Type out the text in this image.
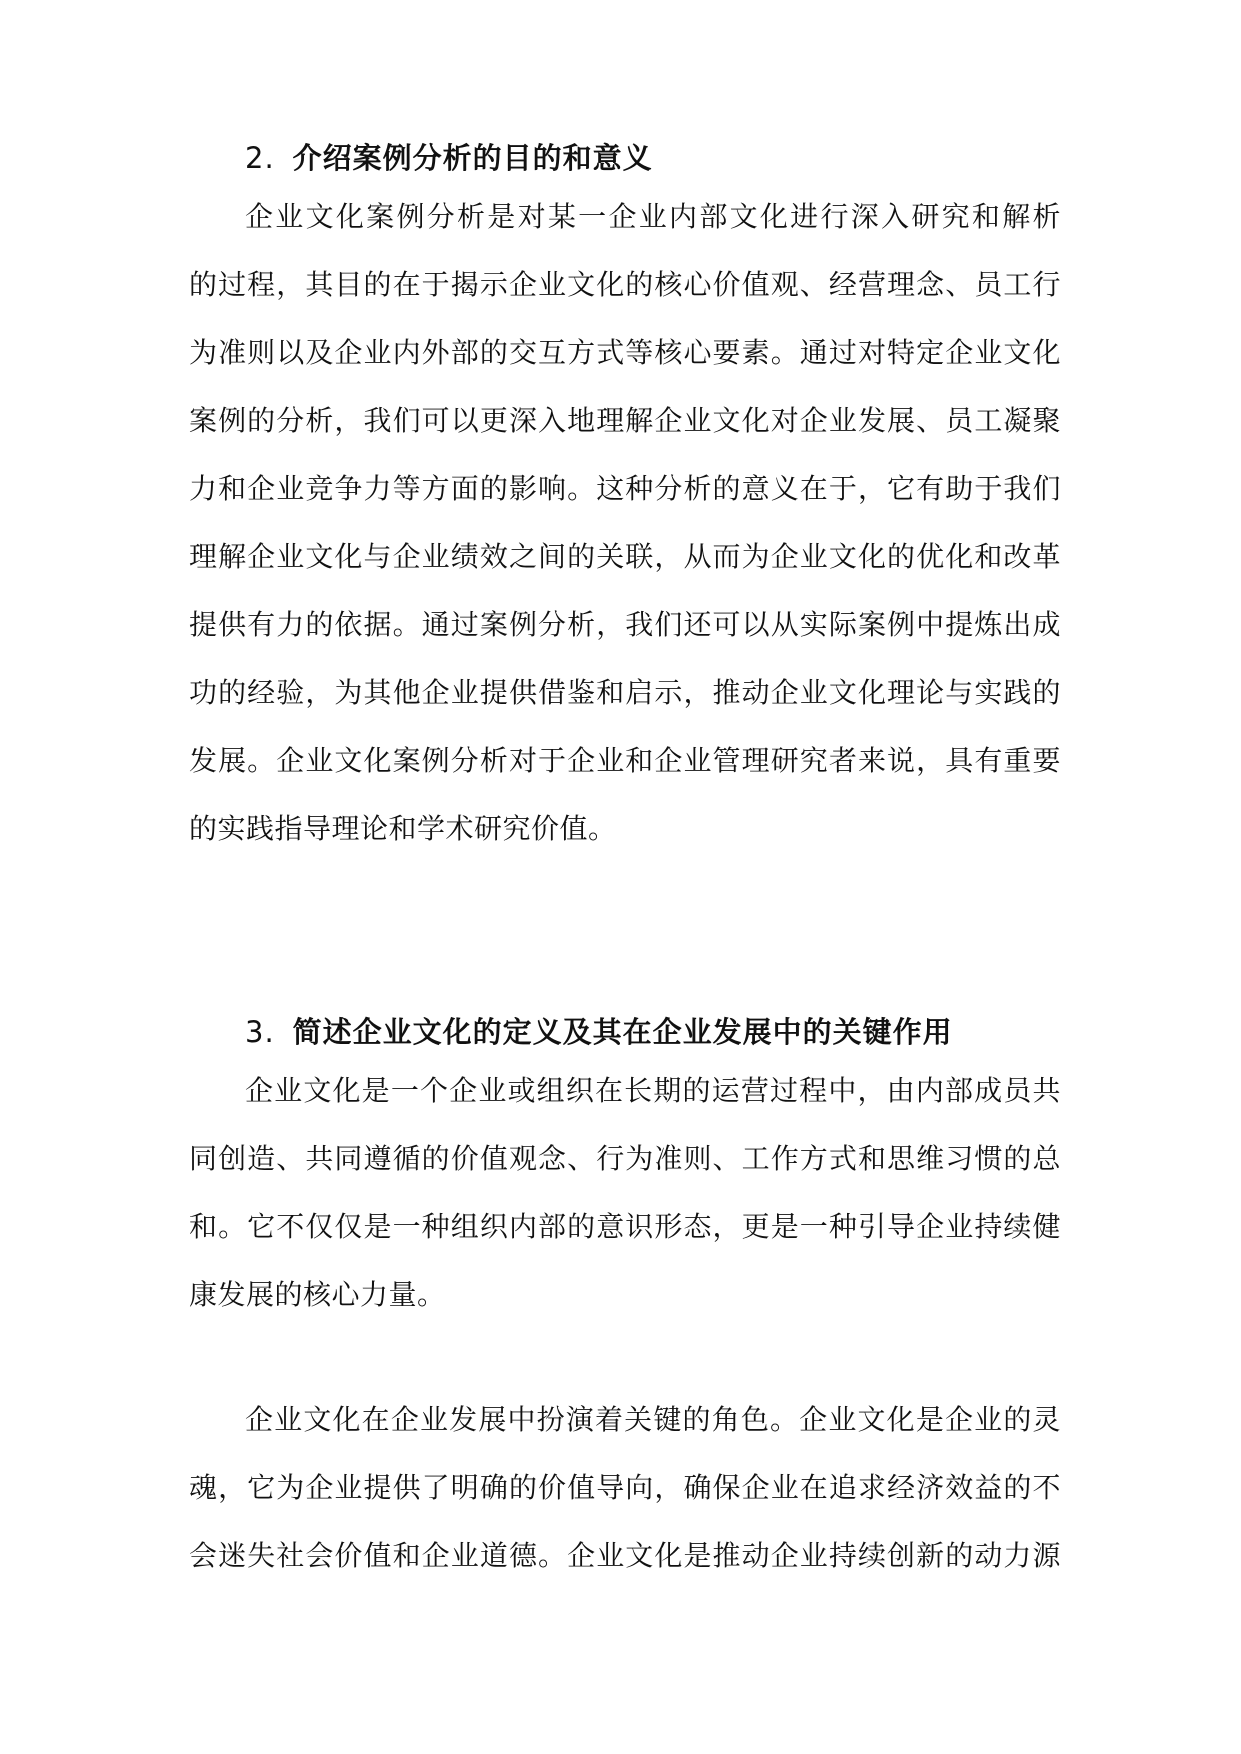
2. 介绍案例分析的目的和意义
企业文化案例分析是对某一企业内部文化进行深入研究和解析
的过程，其目的在于揭示企业文化的核心价值观、经营理念、员工行
为准则以及企业内外部的交互方式等核心要素。通过对特定企业文化
案例的分析，我们可以更深入地理解企业文化对企业发展、员工凝聚
力和企业竞争力等方面的影响。这种分析的意义在于，它有助于我们
理解企业文化与企业绩效之间的关联，从而为企业文化的优化和改革
提供有力的依据。通过案例分析，我们还可以从实际案例中提炼出成
功的经验，为其他企业提供借鉴和启示，推动企业文化理论与实践的
发展。企业文化案例分析对于企业和企业管理研究者来说，具有重要
的实践指导理论和学术研究价值。
3. 简述企业文化的定义及其在企业发展中的关键作用
企业文化是一个企业或组织在长期的运营过程中，由内部成员共
同创造、共同遵循的价值观念、行为准则、工作方式和思维习惯的总
和。它不仅仅是一种组织内部的意识形态，更是一种引导企业持续健
康发展的核心力量。
企业文化在企业发展中扮演着关键的角色。企业文化是企业的灵
魂，它为企业提供了明确的价值导向，确保企业在追求经济效益的不
会迷失社会价值和企业道德。企业文化是推动企业持续创新的动力源
